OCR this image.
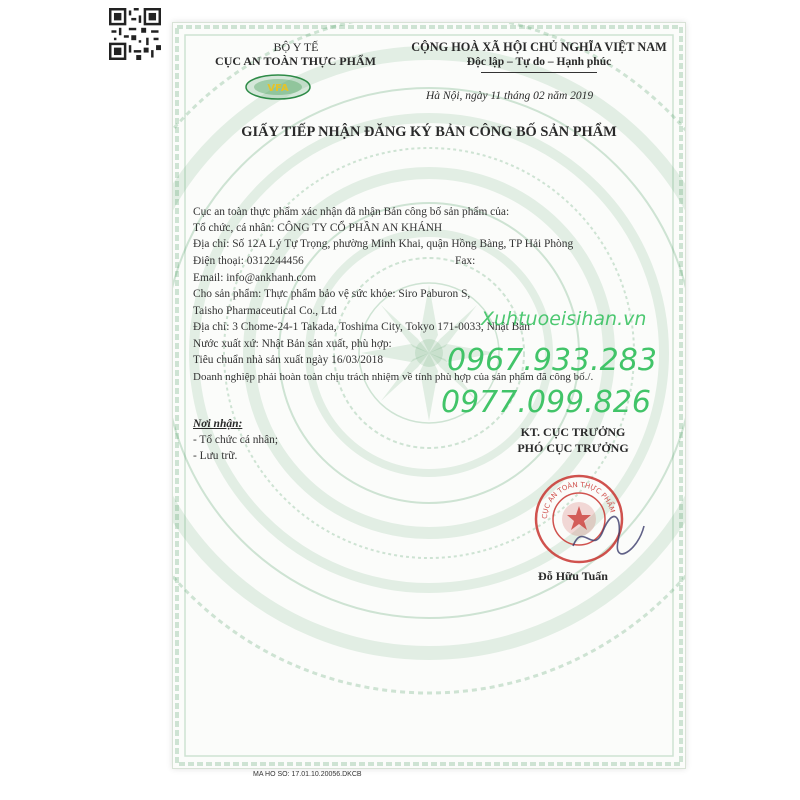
BỘ Y TẾ
CỤC AN TOÀN THỰC PHẨM
VFA
CỘNG HOÀ XÃ HỘI CHỦ NGHĨA VIỆT NAM
Độc lập – Tự do – Hạnh phúc
Hà Nội, ngày 11 tháng 02 năm 2019
GIẤY TIẾP NHẬN ĐĂNG KÝ BẢN CÔNG BỐ SẢN PHẨM
Cục an toàn thực phẩm xác nhận đã nhận Bản công bố sản phẩm của:
Tổ chức, cá nhân: CÔNG TY CỔ PHẦN AN KHÁNH
Địa chỉ: Số 12A Lý Tự Trọng, phường Minh Khai, quận Hồng Bàng, TP Hải Phòng
Điện thoại: 0312244456	Fax:
Email: info@ankhanh.com
Cho sản phẩm: Thực phẩm bảo vệ sức khỏe: Siro Paburon S,
Taisho Pharmaceutical Co., Ltd
Địa chỉ: 3 Chome-24-1 Takada, Toshima City, Tokyo 171-0033, Nhật Bản
Nước xuất xứ: Nhật Bản sản xuất, phù hợp:
Tiêu chuẩn nhà sản xuất ngày 16/03/2018
Doanh nghiệp phải hoàn toàn chịu trách nhiệm về tính phù hợp của sản phẩm đã công bố./.
Xuhtuoeisihan.vn
0967.933.283
0977.099.826
Nơi nhận:
- Tổ chức cá nhân;
- Lưu trữ.
KT. CỤC TRƯỞNG
PHÓ CỤC TRƯỞNG
CỤC AN TOÀN THỰC PHẨM
Đỗ Hữu Tuấn
MA HO SO: 17.01.10.20056.DKCB
